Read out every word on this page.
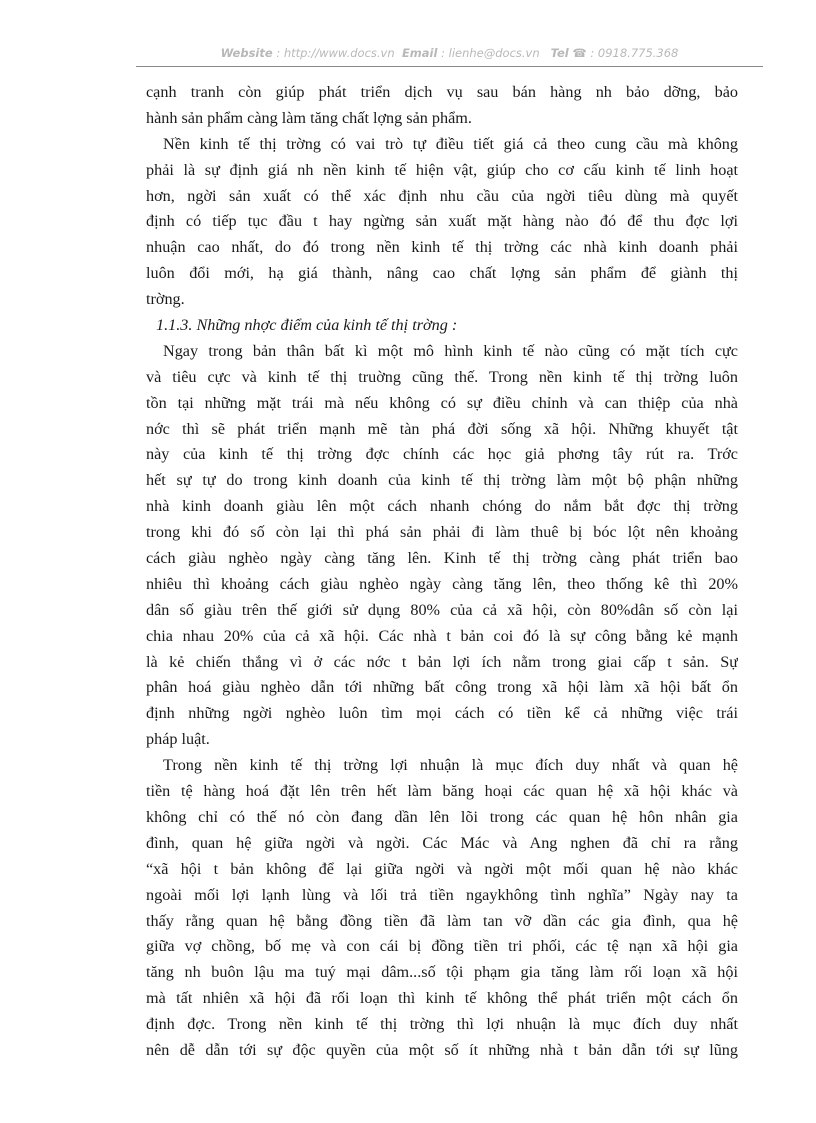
Website : http://www.docs.vn Email : lienhe@docs.vn Tel ☎ : 0918.775.368
cạnh tranh còn giúp phát triển dịch vụ sau bán hàng nh bảo dỡng, bảo
hành sản phẩm càng làm tăng chất lợng sản phẩm.
Nền kinh tế thị trờng có vai trò tự điều tiết giá cả theo cung cầu mà không
phải là sự định giá nh nền kinh tế hiện vật, giúp cho cơ cấu kinh tế linh hoạt
hơn, ngời sản xuất có thể xác định nhu cầu của ngời tiêu dùng mà quyết
định có tiếp tục đầu t hay ngừng sản xuất mặt hàng nào đó để thu đợc lợi
nhuận cao nhất, do đó trong nền kinh tế thị trờng các nhà kinh doanh phải
luôn đổi mới, hạ giá thành, nâng cao chất lợng sản phẩm để giành thị
trờng.
1.1.3. Những nhợc điểm của kinh tế thị trờng :
Ngay trong bản thân bất kì một mô hình kinh tế nào cũng có mặt tích cực
và tiêu cực và kinh tế thị truờng cũng thế. Trong nền kinh tế thị trờng luôn
tồn tại những mặt trái mà nếu không có sự điều chỉnh và can thiệp của nhà
nớc thì sẽ phát triển mạnh mẽ tàn phá đời sống xã hội. Những khuyết tật
này của kinh tế thị trờng đợc chính các học giả phơng tây rút ra. Trớc
hết sự tự do trong kinh doanh của kinh tế thị trờng làm một bộ phận những
nhà kinh doanh giàu lên một cách nhanh chóng do nắm bắt đợc thị trờng
trong khi đó số còn lại thì phá sản phải đi làm thuê bị bóc lột nên khoảng
cách giàu nghèo ngày càng tăng lên. Kinh tế thị trờng càng phát triển bao
nhiêu thì khoảng cách giàu nghèo ngày càng tăng lên, theo thống kê thì 20%
dân số giàu trên thế giới sử dụng 80% của cả xã hội, còn 80%dân số còn lại
chia nhau 20% của cả xã hội. Các nhà t bản coi đó là sự công bằng kẻ mạnh
là kẻ chiến thắng vì ở các nớc t bản lợi ích nằm trong giai cấp t sản. Sự
phân hoá giàu nghèo dẫn tới những bất công trong xã hội làm xã hội bất ổn
định những ngời nghèo luôn tìm mọi cách có tiền kể cả những việc trái
pháp luật.
Trong nền kinh tế thị trờng lợi nhuận là mục đích duy nhất và quan hệ
tiền tệ hàng hoá đặt lên trên hết làm băng hoại các quan hệ xã hội khác và
không chỉ có thế nó còn đang dần lên lõi trong các quan hệ hôn nhân gia
đình, quan hệ giữa ngời và ngời. Các Mác và Ang nghen đã chỉ ra rằng
“xã hội t bản không để lại giữa ngời và ngời một mối quan hệ nào khác
ngoài mối lợi lạnh lùng và lối trả tiền ngaykhông tình nghĩa” Ngày nay ta
thấy rằng quan hệ bằng đồng tiền đã làm tan vỡ dần các gia đình, qua hệ
giữa vợ chồng, bố mẹ và con cái bị đồng tiền tri phối, các tệ nạn xã hội gia
tăng nh buôn lậu ma tuý mại dâm...số tội phạm gia tăng làm rối loạn xã hội
mà tất nhiên xã hội đã rối loạn thì kinh tế không thể phát triển một cách ổn
định đợc. Trong nền kinh tế thị trờng thì lợi nhuận là mục đích duy nhất
nên dễ dẫn tới sự độc quyền của một số ít những nhà t bản dẫn tới sự lũng
